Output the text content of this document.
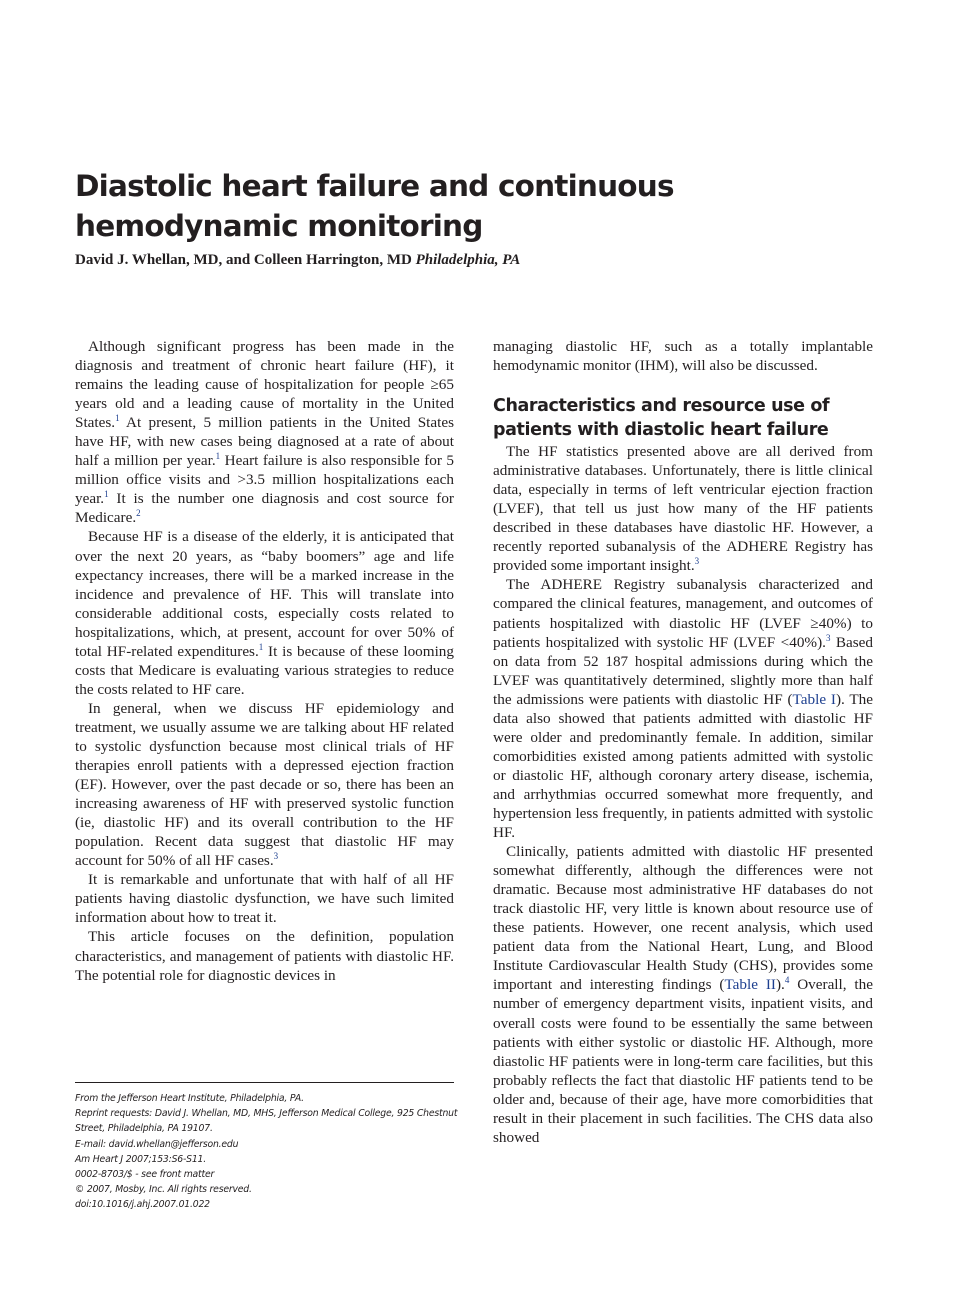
Diastolic heart failure and continuous hemodynamic monitoring
David J. Whellan, MD, and Colleen Harrington, MD Philadelphia, PA

Although significant progress has been made in the diagnosis and treatment of chronic heart failure (HF), it remains the leading cause of hospitalization for people ≥65 years old and a leading cause of mortality in the United States.$^1$ At present, 5 million patients in the United States have HF, with new cases being diagnosed at a rate of about half a million per year.$^1$ Heart failure is also responsible for 5 million office visits and >3.5 million hospitalizations each year.$^1$ It is the number one diagnosis and cost source for Medicare.$^2$

Because HF is a disease of the elderly, it is anticipated that over the next 20 years, as “baby boomers” age and life expectancy increases, there will be a marked increase in the incidence and prevalence of HF. This will translate into considerable additional costs, especially costs related to hospitalizations, which, at present, account for over 50% of total HF-related expenditures.$^1$ It is because of these looming costs that Medicare is evaluating various strategies to reduce the costs related to HF care.

In general, when we discuss HF epidemiology and treatment, we usually assume we are talking about HF related to systolic dysfunction because most clinical trials of HF therapies enroll patients with a depressed ejection fraction (EF). However, over the past decade or so, there has been an increasing awareness of HF with preserved systolic function (ie, diastolic HF) and its overall contribution to the HF population. Recent data suggest that diastolic HF may account for 50% of all HF cases.$^3$

It is remarkable and unfortunate that with half of all HF patients having diastolic dysfunction, we have such limited information about how to treat it.

This article focuses on the definition, population characteristics, and management of patients with diastolic HF. The potential role for diagnostic devices in

managing diastolic HF, such as a totally implantable hemodynamic monitor (IHM), will also be discussed.

Characteristics and resource use of patients with diastolic heart failure

The HF statistics presented above are all derived from administrative databases. Unfortunately, there is little clinical data, especially in terms of left ventricular ejection fraction (LVEF), that tell us just how many of the HF patients described in these databases have diastolic HF. However, a recently reported subanalysis of the ADHERE Registry has provided some important insight.$^3$

The ADHERE Registry subanalysis characterized and compared the clinical features, management, and outcomes of patients hospitalized with diastolic HF (LVEF ≥40%) to patients hospitalized with systolic HF (LVEF <40%).$^3$ Based on data from 52 187 hospital admissions during which the LVEF was quantitatively determined, slightly more than half the admissions were patients with diastolic HF (Table I). The data also showed that patients admitted with diastolic HF were older and predominantly female. In addition, similar comorbidities existed among patients admitted with systolic or diastolic HF, although coronary artery disease, ischemia, and arrhythmias occurred somewhat more frequently, and hypertension less frequently, in patients admitted with systolic HF.

Clinically, patients admitted with diastolic HF presented somewhat differently, although the differences were not dramatic. Because most administrative HF databases do not track diastolic HF, very little is known about resource use of these patients. However, one recent analysis, which used patient data from the National Heart, Lung, and Blood Institute Cardiovascular Health Study (CHS), provides some important and interesting findings (Table II).$^4$ Overall, the number of emergency department visits, inpatient visits, and overall costs were found to be essentially the same between patients with either systolic or diastolic HF. Although, more diastolic HF patients were in long-term care facilities, but this probably reflects the fact that diastolic HF patients tend to be older and, because of their age, have more comorbidities that result in their placement in such facilities. The CHS data also showed

From the Jefferson Heart Institute, Philadelphia, PA.
Reprint requests: David J. Whellan, MD, MHS, Jefferson Medical College, 925 Chestnut
Street, Philadelphia, PA 19107.
E-mail: david.whellan@jefferson.edu
Am Heart J 2007;153:S6-S11.
0002-8703/$ - see front matter
© 2007, Mosby, Inc. All rights reserved.
doi:10.1016/j.ahj.2007.01.022
